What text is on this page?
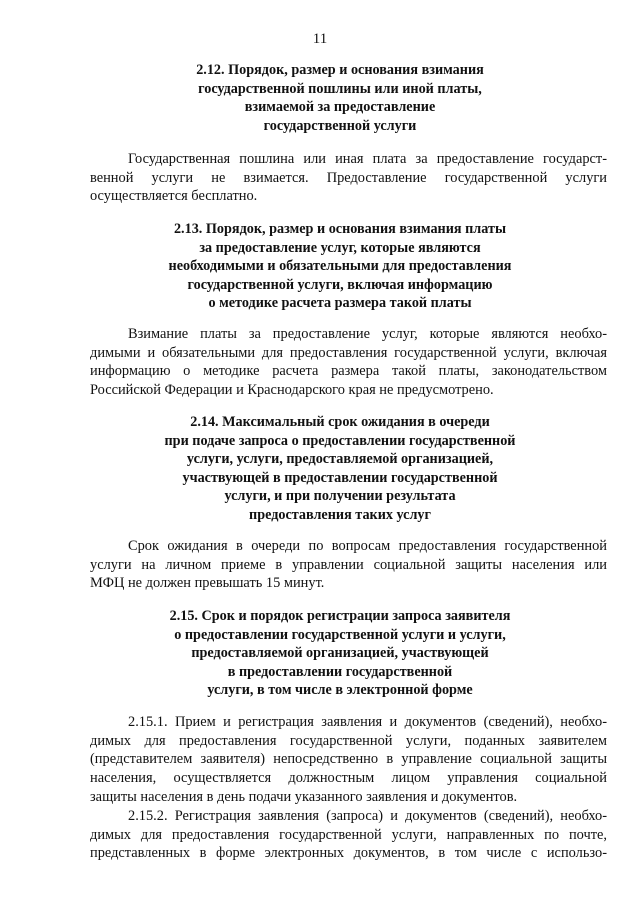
11
2.12. Порядок, размер и основания взимания
государственной пошлины или иной платы,
взимаемой за предоставление
государственной услуги
Государственная пошлина или иная плата за предоставление государст-
венной услуги не взимается. Предоставление государственной услуги
осуществляется бесплатно.
2.13. Порядок, размер и основания взимания платы
за предоставление услуг, которые являются
необходимыми и обязательными для предоставления
государственной услуги, включая информацию
о методике расчета размера такой платы
Взимание платы за предоставление услуг, которые являются необхо-
димыми и обязательными для предоставления государственной услуги, включая
информацию о методике расчета размера такой платы, законодательством
Российской Федерации и Краснодарского края не предусмотрено.
2.14. Максимальный срок ожидания в очереди
при подаче запроса о предоставлении государственной
услуги, услуги, предоставляемой организацией,
участвующей в предоставлении государственной
услуги, и при получении результата
предоставления таких услуг
Срок ожидания в очереди по вопросам предоставления государственной
услуги на личном приеме в управлении социальной защиты населения или
МФЦ не должен превышать 15 минут.
2.15. Срок и порядок регистрации запроса заявителя
о предоставлении государственной услуги и услуги,
предоставляемой организацией, участвующей
в предоставлении государственной
услуги, в том числе в электронной форме
2.15.1. Прием и регистрация заявления и документов (сведений), необхо-
димых для предоставления государственной услуги, поданных заявителем
(представителем заявителя) непосредственно в управление социальной защиты
населения, осуществляется должностным лицом управления социальной
защиты населения в день подачи указанного заявления и документов.
2.15.2. Регистрация заявления (запроса) и документов (сведений), необхо-
димых для предоставления государственной услуги, направленных по почте,
представленных в форме электронных документов, в том числе с использо-
